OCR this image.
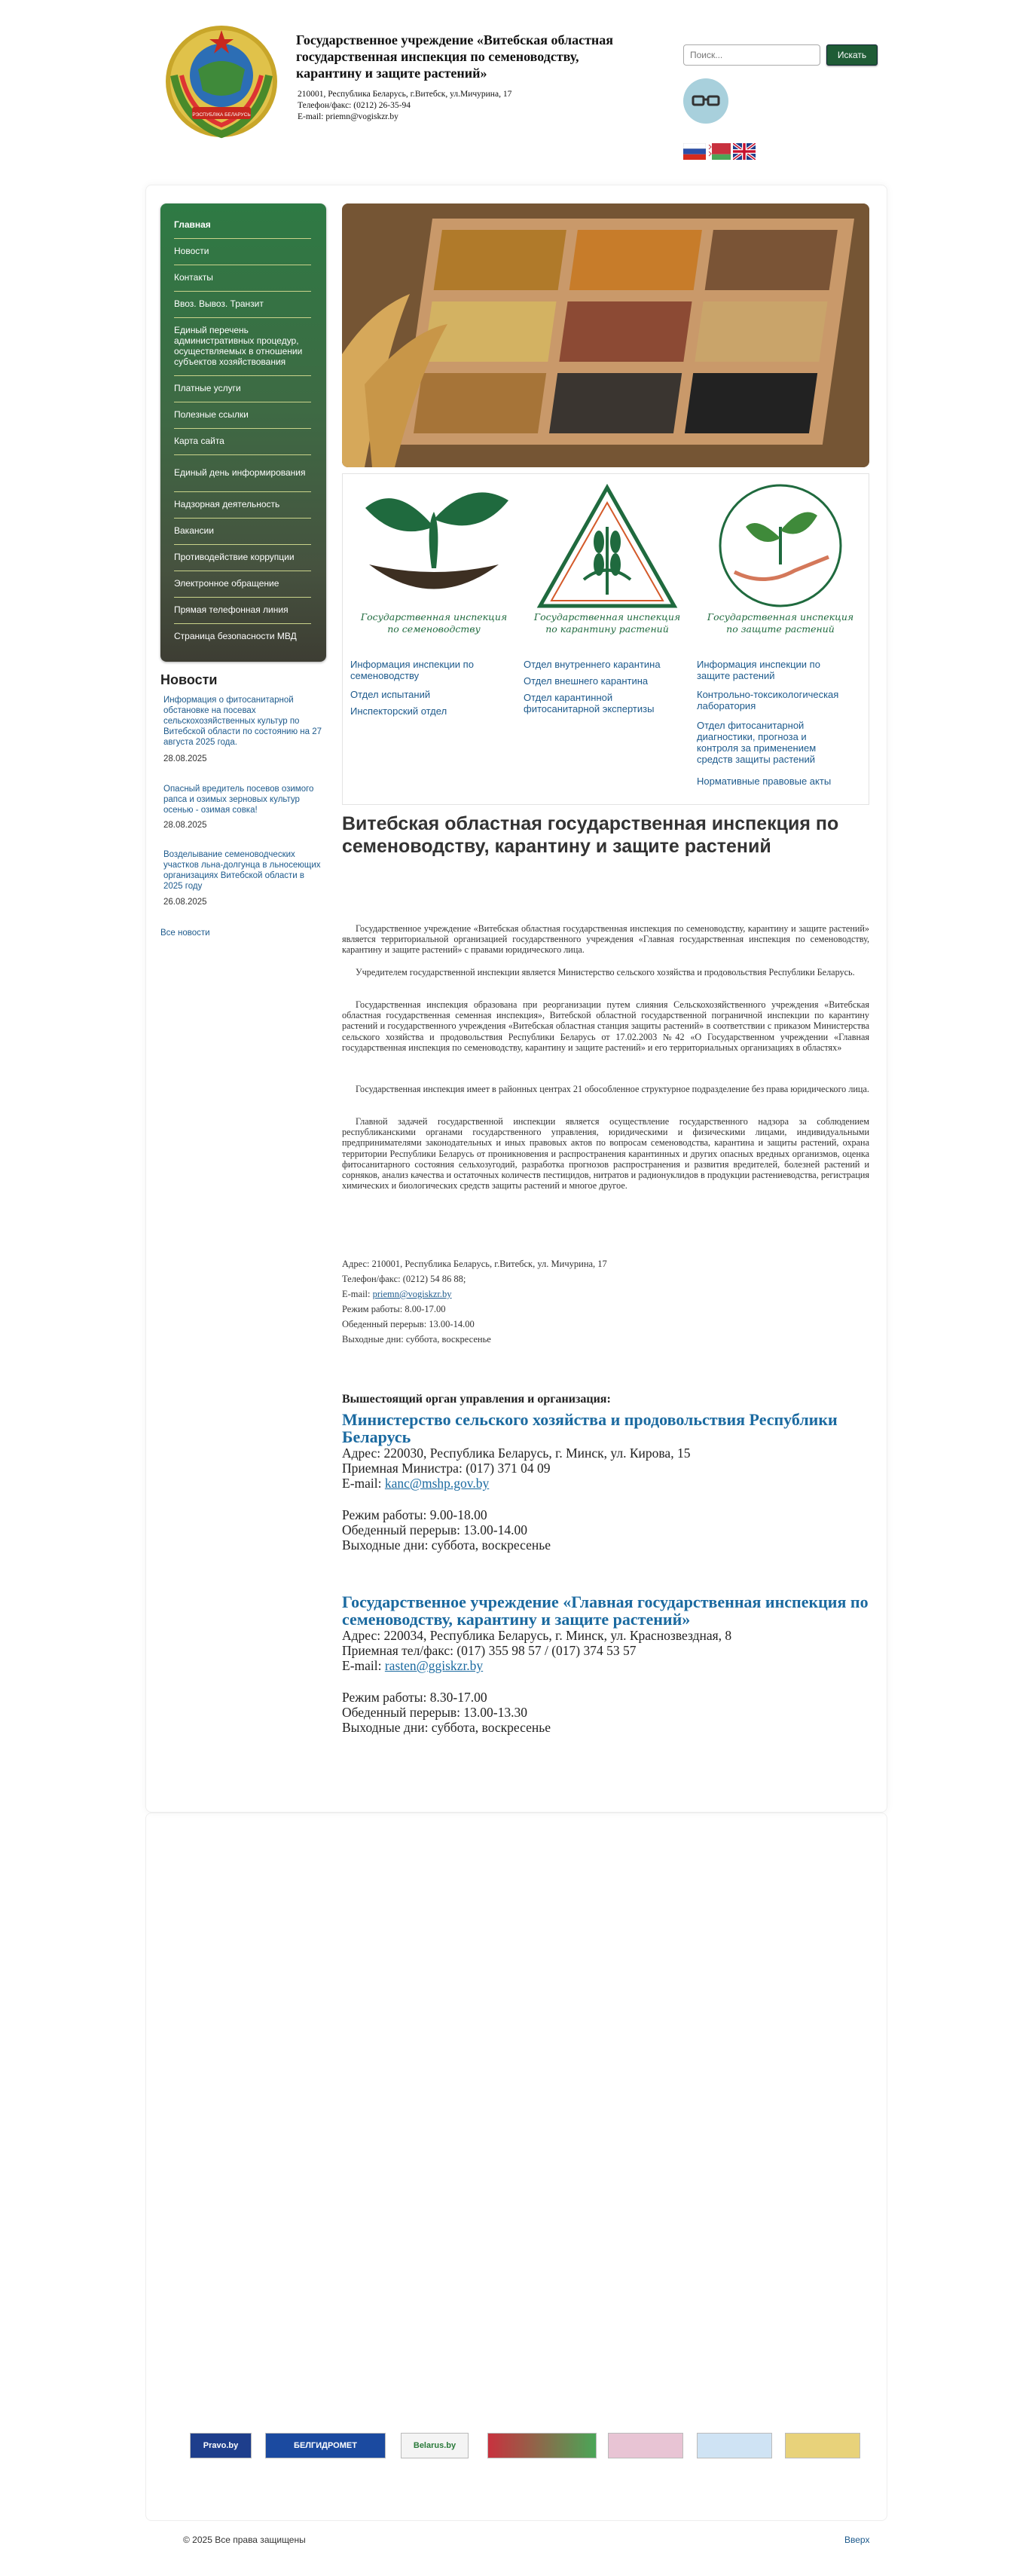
РЭСПУБЛІКА БЕЛАРУСЬ
Государственное учреждение «Витебская областная государственная инспекция по семеноводству, карантину и защите растений»
210001, Республика Беларусь, г.Витебск, ул.Мичурина, 17
Телефон/факс: (0212) 26-35-94
E-mail: priemn@vogiskzr.by
Поиск...
Искать
Главная
Новости
Контакты
Ввоз. Вывоз. Транзит
Единый перечень административных процедур, осуществляемых в отношении субъектов хозяйствования
Платные услуги
Полезные ссылки
Карта сайта
Единый день информирования
Надзорная деятельность
Вакансии
Противодействие коррупции
Электронное обращение
Прямая телефонная линия
Страница безопасности МВД
Новости
Информация о фитосанитарной обстановке на посевах сельскохозяйственных культур по Витебской области по состоянию на 27 августа 2025 года.
28.08.2025
Опасный вредитель посевов озимого рапса и озимых зерновых культур осенью - озимая совка!
28.08.2025
Возделывание семеноводческих участков льна-долгунца в льносеющих организациях Витебской области в 2025 году
26.08.2025
Все новости
Государственная инспекция
по семеноводству
Государственная инспекция
по карантину растений
Государственная инспекция
по защите растений
Информация инспекции по семеноводству
Отдел испытаний
Инспекторский отдел
Отдел внутреннего карантина
Отдел внешнего карантина
Отдел карантинной фитосанитарной экспертизы
Информация инспекции по защите растений
Контрольно-токсикологическая лаборатория
Отдел фитосанитарной диагностики, прогноза и контроля за применением средств защиты растений
Нормативные правовые акты
Витебская областная государственная инспекция по семеноводству, карантину и защите растений

Государственное учреждение «Витебская областная государственная инспекция по семеноводству, карантину и защите растений» является территориальной организацией государственного учреждения «Главная государственная инспекция по семеноводству, карантину и защите растений» с правами юридического лица.

Учредителем государственной инспекции является Министерство сельского хозяйства и продовольствия Республики Беларусь.

Государственная инспекция образована при реорганизации путем слияния Сельскохозяйственного учреждения «Витебская областная государственная семенная инспекция», Витебской областной государственной пограничной инспекции по карантину растений и государственного учреждения «Витебская областная станция защиты растений» в соответствии с приказом Министерства сельского хозяйства и продовольствия Республики Беларусь от 17.02.2003 №42 «О Государственном учреждении «Главная государственная инспекция по семеноводству, карантину и защите растений» и его территориальных организациях в областях»

Государственная инспекция имеет в районных центрах 21 обособленное структурное подразделение без права юридического лица.

Главной задачей государственной инспекции является осуществление государственного надзора за соблюдением республиканскими органами государственного управления, юридическими и физическими лицами, индивидуальными предпринимателями законодательных и иных правовых актов по вопросам семеноводства, карантина и защиты растений, охрана территории Республики Беларусь от проникновения и распространения карантинных и других опасных вредных организмов, оценка фитосанитарного состояния сельхозугодий, разработка прогнозов распространения и развития вредителей, болезней растений и сорняков, анализ качества и остаточных количеств пестицидов, нитратов и радионуклидов в продукции растениеводства, регистрация химических и биологических средств защиты растений и многое другое.

Адрес: 210001, Республика Беларусь, г.Витебск, ул. Мичурина, 17
Телефон/факс: (0212) 54 86 88;
E-mail: priemn@vogiskzr.by
Режим работы: 8.00-17.00
Обеденный перерыв: 13.00-14.00
Выходные дни: суббота, воскресенье
Вышестоящий орган управления и организация:
Министерство сельского хозяйства и продовольствия Республики Беларусь
Адрес: 220030, Республика Беларусь, г. Минск, ул. Кирова, 15
Приемная Министра: (017) 371 04 09
E-mail: kanc@mshp.gov.by
Режим работы: 9.00-18.00
Обеденный перерыв: 13.00-14.00
Выходные дни: суббота, воскресенье
Государственное учреждение «Главная государственная инспекция по семеноводству, карантину и защите растений»
Адрес: 220034, Республика Беларусь, г. Минск, ул. Краснозвездная, 8
Приемная тел/факс: (017) 355 98 57 / (017) 374 53 57
E-mail: rasten@ggiskzr.by
Режим работы: 8.30-17.00
Обеденный перерыв: 13.00-13.30
Выходные дни: суббота, воскресенье
Pravo.by	БЕЛГИДРОМЕТ	Belarus.by
© 2025 Все права защищены	Вверх
